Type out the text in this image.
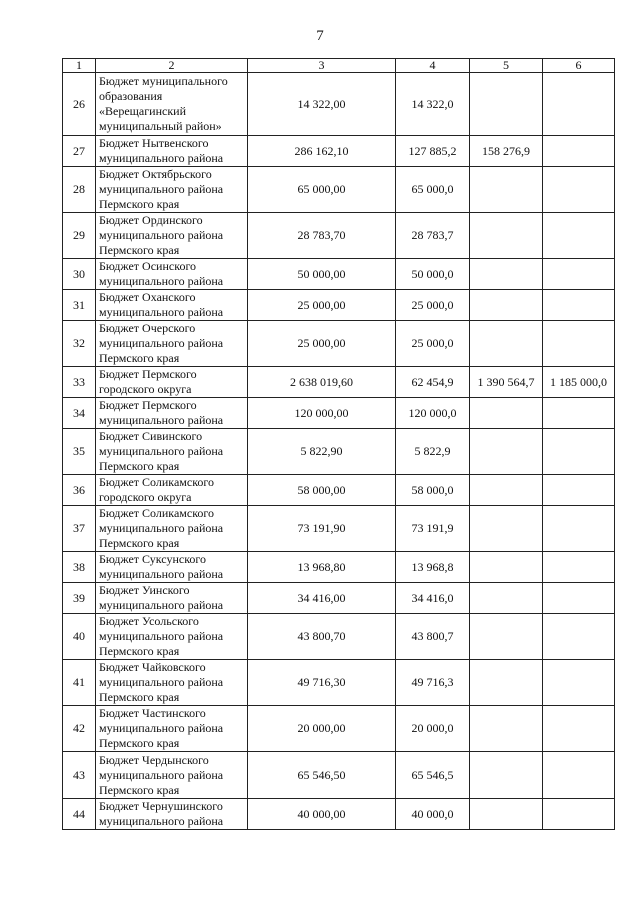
7
1	2	3	4	5	6
26	Бюджет муниципального образования «Верещагинский муниципальный район»	14 322,00	14 322,0		
27	Бюджет Нытвенского муниципального района	286 162,10	127 885,2	158 276,9	
28	Бюджет Октябрьского муниципального района Пермского края	65 000,00	65 000,0		
29	Бюджет Ординского муниципального района Пермского края	28 783,70	28 783,7		
30	Бюджет Осинского муниципального района	50 000,00	50 000,0		
31	Бюджет Оханского муниципального района	25 000,00	25 000,0		
32	Бюджет Очерского муниципального района Пермского края	25 000,00	25 000,0		
33	Бюджет Пермского городского округа	2 638 019,60	62 454,9	1 390 564,7	1 185 000,0
34	Бюджет Пермского муниципального района	120 000,00	120 000,0		
35	Бюджет Сивинского муниципального района Пермского края	5 822,90	5 822,9		
36	Бюджет Соликамского городского округа	58 000,00	58 000,0		
37	Бюджет Соликамского муниципального района Пермского края	73 191,90	73 191,9		
38	Бюджет Суксунского муниципального района	13 968,80	13 968,8		
39	Бюджет Уинского муниципального района	34 416,00	34 416,0		
40	Бюджет Усольского муниципального района Пермского края	43 800,70	43 800,7		
41	Бюджет Чайковского муниципального района Пермского края	49 716,30	49 716,3		
42	Бюджет Частинского муниципального района Пермского края	20 000,00	20 000,0		
43	Бюджет Чердынского муниципального района Пермского края	65 546,50	65 546,5		
44	Бюджет Чернушинского муниципального района	40 000,00	40 000,0		
